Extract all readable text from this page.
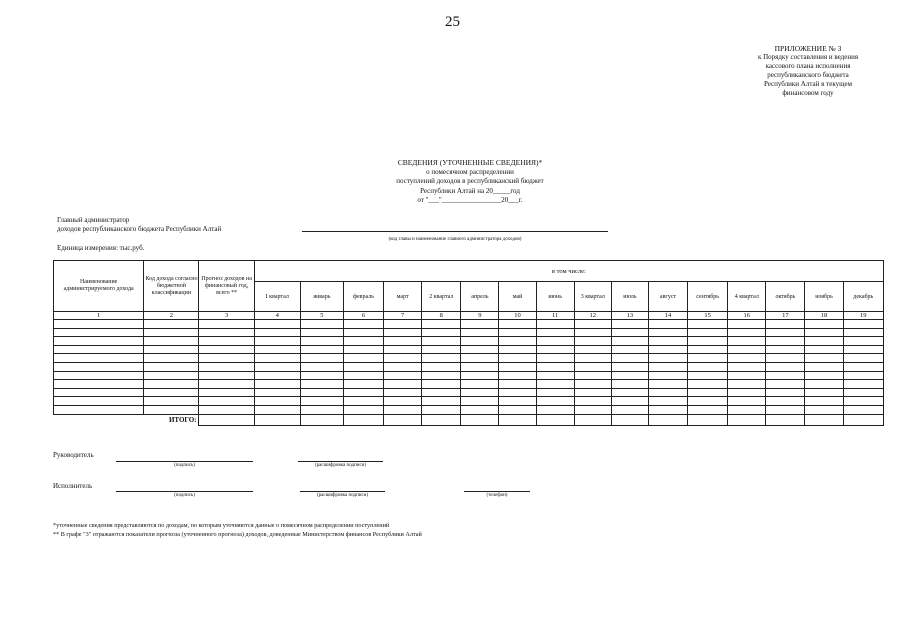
25
ПРИЛОЖЕНИЕ № 3
к Порядку составления и ведения
кассового плана исполнения
республиканского бюджета
Республики Алтай в текущем
финансовом году
СВЕДЕНИЯ (УТОЧНЕННЫЕ СВЕДЕНИЯ)*
о помесячном распределении
поступлений доходов в республиканский бюджет
Республики Алтай на 20_____год
от "___"_________________20___г.
Главный администратор
доходов республиканского бюджета Республики Алтай
(код главы и наименование главного администратора доходов)
Единица измерения: тыс.руб.
Наименование администрируемого дохода	Код дохода согласно бюджетной классификации	Прогноз доходов на финансовый год, всего **	в том числе:															
			I квартал	январь	февраль	март	2 квартал	апрель	май	июнь	3 квартал	июль	август	сентябрь	4 квартал	октябрь	ноябрь	декабрь
1	2	3	4	5	6	7	8	9	10	11	12	13	14	15	16	17	18	19

ИТОГО:																		
Руководитель
(подпись)	(расшифровка подписи)
Исполнитель
(подпись)	(расшифровка подписи)	(телефон)
*уточненные сведения представляются по доходам, по которым уточняются данные о помесячном распределении поступлений
** В графе "3" отражаются показатели прогноза (уточненного прогноза) доходов, доведенные Министерством финансов Республики Алтай
